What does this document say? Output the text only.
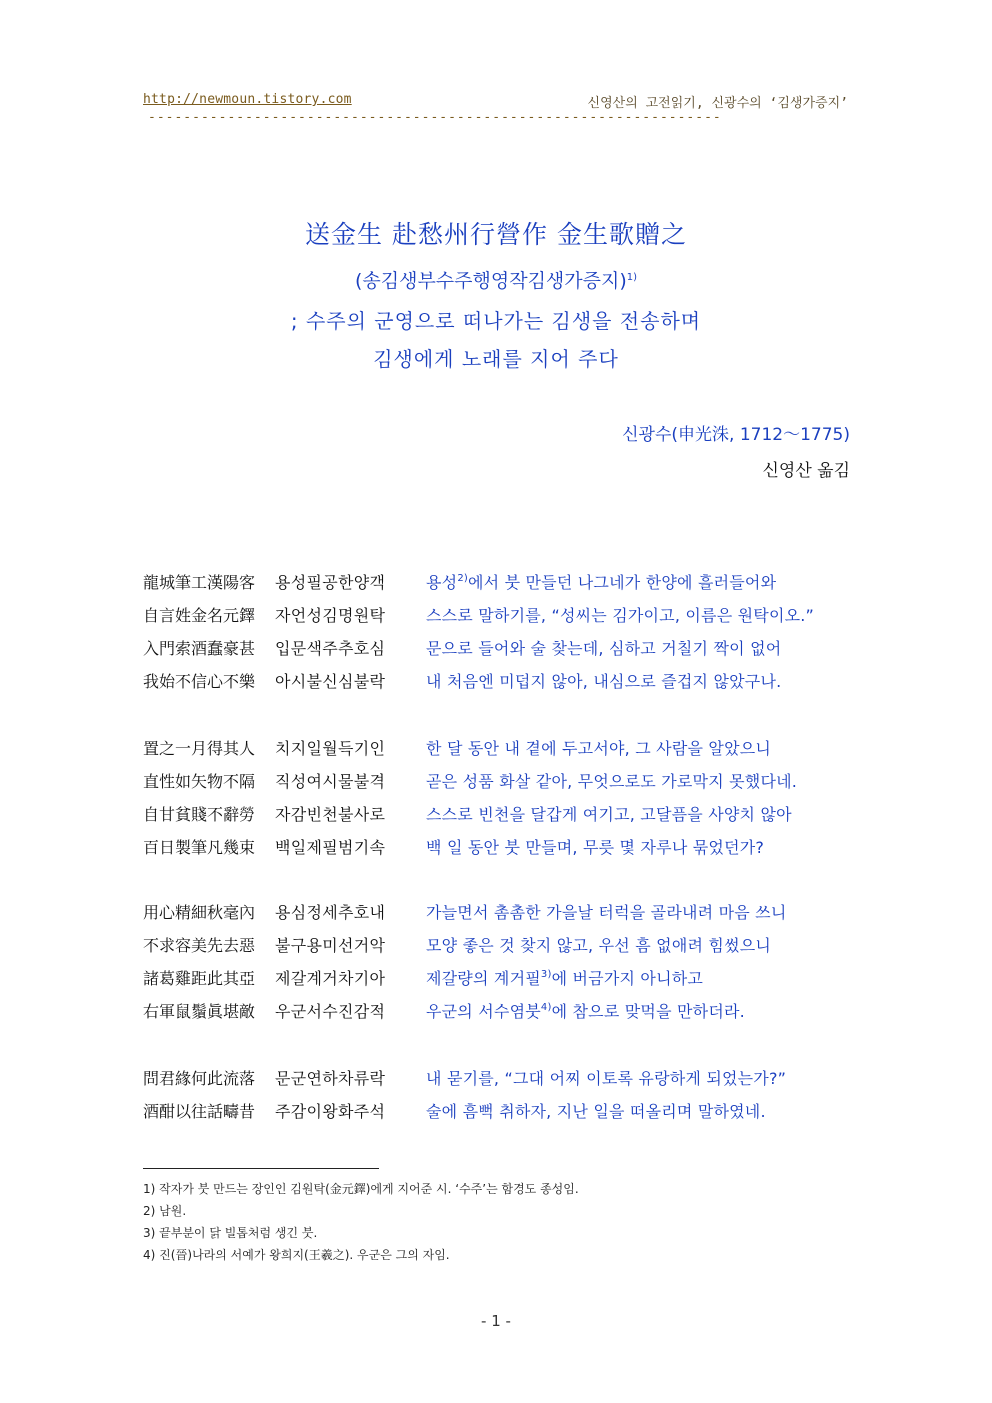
http://newmoun.tistory.com	신영산의 고전읽기, 신광수의 ‘김생가증지’
-----------------------------------------------------------------
送金生 赴愁州行營作 金生歌贈之
(송김생부수주행영작김생가증지)$^{1)}$
; 수주의 군영으로 떠나가는 김생을 전송하며
김생에게 노래를 지어 주다
신광수(申光洙, 1712～1775)
신영산 옮김
龍城筆工漢陽客 용성필공한양객	용성$^{2)}$에서 붓 만들던 나그네가 한양에 흘러들어와
自言姓金名元鐸 자언성김명원탁	스스로 말하기를, “성씨는 김가이고, 이름은 원탁이오.”
入門索酒蠢豪甚 입문색주추호심	문으로 들어와 술 찾는데, 심하고 거칠기 짝이 없어
我始不信心不樂 아시불신심불락	내 처음엔 미덥지 않아, 내심으로 즐겁지 않았구나.
置之一月得其人 치지일월득기인	한 달 동안 내 곁에 두고서야, 그 사람을 알았으니
直性如矢物不隔 직성여시물불격	곧은 성품 화살 같아, 무엇으로도 가로막지 못했다네.
自甘貧賤不辭勞 자감빈천불사로	스스로 빈천을 달갑게 여기고, 고달픔을 사양치 않아
百日製筆凡幾束 백일제필범기속	백 일 동안 붓 만들며, 무릇 몇 자루나 묶었던가?
用心精細秋毫內 용심정세추호내	가늘면서 촘촘한 가을날 터럭을 골라내려 마음 쓰니
不求容美先去惡 불구용미선거악	모양 좋은 것 찾지 않고, 우선 흠 없애려 힘썼으니
諸葛雞距此其亞 제갈계거차기아	제갈량의 계거필$^{3)}$에 버금가지 아니하고
右軍鼠鬚眞堪敵 우군서수진감적	우군의 서수염붓$^{4)}$에 참으로 맞먹을 만하더라.
問君緣何此流落 문군연하차류락	내 묻기를, “그대 어찌 이토록 유랑하게 되었는가?”
酒酣以往話疇昔 주감이왕화주석	술에 흠뻑 취하자, 지난 일을 떠올리며 말하였네.
1) 작자가 붓 만드는 장인인 김원탁(金元鐸)에게 지어준 시. ‘수주’는 함경도 종성임.
2) 남원.
3) 끝부분이 닭 빌톱처럼 생긴 붓.
4) 진(晉)나라의 서예가 왕희지(王羲之). 우군은 그의 자임.
- 1 -
